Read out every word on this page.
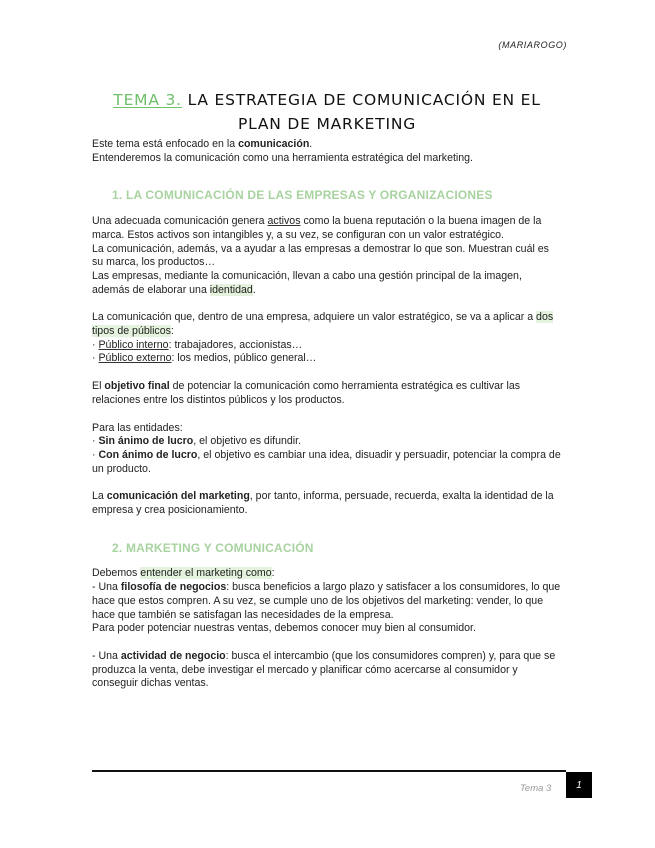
(MARIAROGO)
TEMA 3. LA ESTRATEGIA DE COMUNICACIÓN EN EL PLAN DE MARKETING

Este tema está enfocado en la comunicación.

Entenderemos la comunicación como una herramienta estratégica del marketing.

1. LA COMUNICACIÓN DE LAS EMPRESAS Y ORGANIZACIONES

Una adecuada comunicación genera activos como la buena reputación o la buena imagen de la marca. Estos activos son intangibles y, a su vez, se configuran con un valor estratégico.

La comunicación, además, va a ayudar a las empresas a demostrar lo que son. Muestran cuál es su marca, los productos…

Las empresas, mediante la comunicación, llevan a cabo una gestión principal de la imagen, además de elaborar una identidad.

La comunicación que, dentro de una empresa, adquiere un valor estratégico, se va a aplicar a dos tipos de públicos:

· Público interno: trabajadores, accionistas…

· Público externo: los medios, público general…

El objetivo final de potenciar la comunicación como herramienta estratégica es cultivar las relaciones entre los distintos públicos y los productos.

Para las entidades:

· Sin ánimo de lucro, el objetivo es difundir.

· Con ánimo de lucro, el objetivo es cambiar una idea, disuadir y persuadir, potenciar la compra de un producto.

La comunicación del marketing, por tanto, informa, persuade, recuerda, exalta la identidad de la empresa y crea posicionamiento.

2. MARKETING Y COMUNICACIÓN

Debemos entender el marketing como:

- Una filosofía de negocios: busca beneficios a largo plazo y satisfacer a los consumidores, lo que hace que estos compren. A su vez, se cumple uno de los objetivos del marketing: vender, lo que hace que también se satisfagan las necesidades de la empresa.

Para poder potenciar nuestras ventas, debemos conocer muy bien al consumidor.

- Una actividad de negocio: busca el intercambio (que los consumidores compren) y, para que se produzca la venta, debe investigar el mercado y planificar cómo acercarse al consumidor y conseguir dichas ventas.

Tema 3	1
